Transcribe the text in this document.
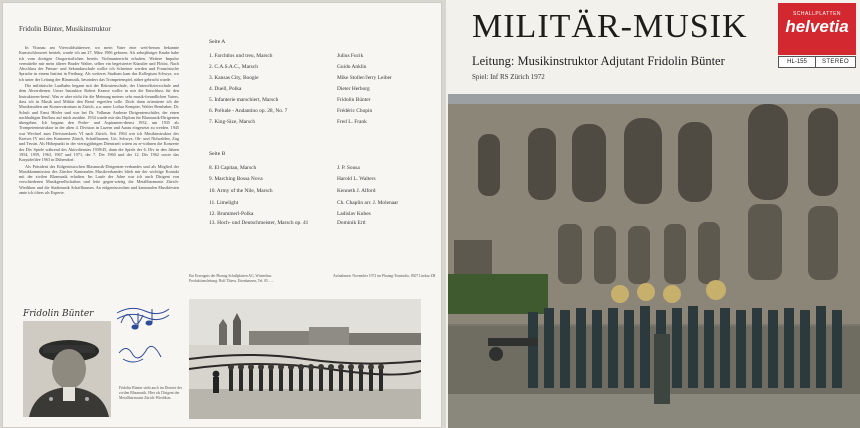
Fridolin Bünter, Musikinstruktor

In Vitznau am Vierwaldstättersee, wo mein Vater eine weit-herum bekannte Kunstschlosserei betrieb, wurde ich am 27. März 1906 geboren. Als zehnjähriger Knabe habe ich vom dortigen Orogorststlichen bereits Violinunterricht erhalten. Weitere Impulse vermittelte mir mein älterer Bruder Walter, selber ein begeisterter Künstler und Flötist. Nach Abschluss der Primar- und Sekundarschule wollte ich Schreiner werden und Französische Sprache in einem Institut in Freiburg. Als weiteres Studium kam das Kollegium Schwyz, wo ich unter der Leitung der Blasmusik, besonders das Trompetenspiel, näher gebracht wurde.

Die militärische Laufbahn begann mit der Rekrutenschule, der Unteroffiziersschule und dem Abverdienen. Unser Instruktor Robert Krause wollte in mir die Entschluss für den Instruktoren-beruf. Was er aber nicht für die Meinung meines sehr musik-freundlichen Vaters, dass ich in Musik und Militär den Beruf ergreifen solle. Doch dann orientierte ich die Musikstudien am Konservatorium in Zürich, u.a. unter Lothar Kempter, Walter Bernhaber, Dr. Schuh und Ernst Hörler und war bei Dr. Volkmar Andreae Dirigentenschüler, der einen nachhaltigen Einfluss auf mich ausübte. 1934 wurde mir das Diplom für Blasmusik-Dirigenten übergeben. Ich begann den Probe- und Aspiranten-dienst 1932, um 1935 als Trompeteninstruktor in der alten 4. Division in Luzern und Aarau eingesetzt zu werden. 1945 war Wechsel zum Divisionskreis VI nach Zürich. Seit 1964 war ich Musikinstruktor des Kreises IV mit den Kantonen Zürich, Schaffhausen, Uri, Schwyz, Ob- und Nidwalden, Zug und Tessin. Als Höhepunkt in der vierzigjährigen Dienstzeit wären zu er-wähnen die Konzerte der Div Spiele während des Aktivdienstes 1939/45, dann die Spiele der 6. Div in den Jahren 1954, 1959, 1963, 1967 und 1971, der 7. Div 1960 und der 12. Div 1962 sowie das Korpsdefilee 1963 in Dübendorf.

Als Präsident des Eidgenössischen Blasmusik-Dirigenten-verbandes und als Mitglied der Musikkommission des Zürcher Kantonalen Musikverbandes blieb mir der wichtige Kontakt mit der zivilen Blasmusik erhalten. Im Laufe der Jahre war ich auch Dirigent von verschiedenen Musikgesellschaften und leite gegen-wärtig die Metallharmonie Zürich-Wiedikon und die Stadtmusik Schaffhausen. An eidgenössischen und kantonalen Musikfesten amte ich öfters als Experte.

Fridolin Bünter
Fridolin Bünter steht auch im Dienste der zivilen Blasmusik. Hier als Dirigent der Metallharmonie Zürich-Wiedikon.
Seite A
1. Farchtlos und treu, Marsch	Julius Fucik
2. C.A.S.A.C., Marsch	Guido Anklin
3. Kansas City, Boogie	Mike Stoller/Jerry Leiber
4. Duell, Polka	Dieter Herborg
5. Infanterie marschiert, Marsch	Fridolin Bünter
6. Prélude - Andantino op. 28, No. 7	Frédéric Chopin
7. King-Size, Marsch	Fred L. Frank
Seite B
8. El Capitan, Marsch	J. P. Sousa
9. Marching Bossa Nova	Harold L. Walters
10. Army of the Nile, Marsch	Kenneth J. Alford
11. Limelight	Ch. Chaplin arr. J. Molenaar
12. Brummerl-Polka	Ladislav Kubes
13. Hoch- und Deutschmeister, Marsch op. 41	Dominik Ertl
Ein Erzeugnis der Phonag Schallplatten AG, Winterthur. Produktionsleitung: Rolf Thiess, Ettenhausen, Tel. 05…..
Aufnahmen: November 1972 im Phonag-Tonstudio, 8307 Lindau ZH
MILITÄR-MUSIK
Leitung: Musikinstruktor Adjutant Fridolin Bünter
Spiel: Inf RS Zürich 1972
SCHALLPLATTEN
helvetia
HL-155	STEREO
